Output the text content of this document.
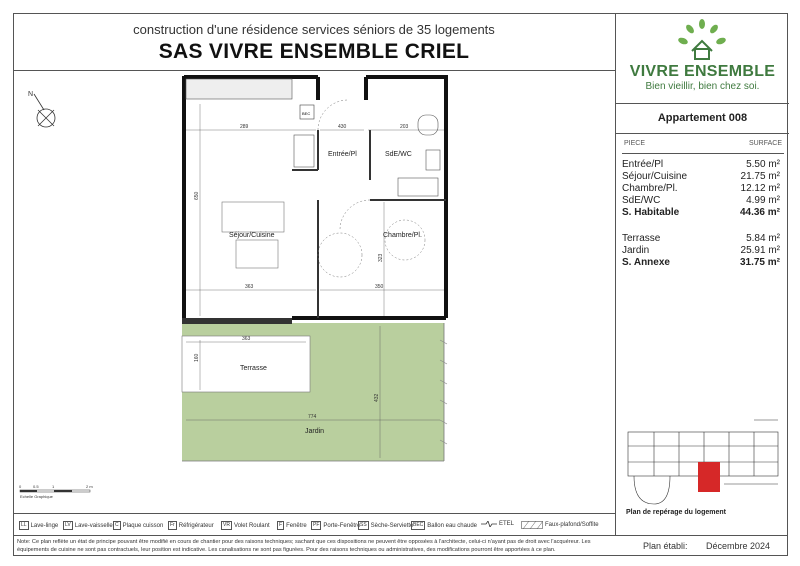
construction d'une résidence services séniors de 35 logements
SAS VIVRE ENSEMBLE CRIEL
BEC
289	430	203
650
363	350
323
363
160
774
432
Entrée/Pl	SdE/WC
Séjour/Cuisine	Chambre/Pl.
Terrasse
Jardin
N
0	0.5	1	2 m
Echelle Graphique
VIVRE ENSEMBLE
Bien vieillir, bien chez soi.
Appartement 008
PIECE	SURFACE
Entrée/Pl	5.50 m²
Séjour/Cuisine	21.75 m²
Chambre/Pl.	12.12 m²
SdE/WC	4.99 m²
S. Habitable	44.36 m²
Terrasse	5.84 m²
Jardin	25.91 m²
S. Annexe	31.75 m²
Plan de repérage du logement
LL Lave-linge	LV Lave-vaisselle C Plaque cuisson	Fr Réfrigérateur	VR Volet Roulant	F Fenêtre	PF Porte-Fenêtre SS Sèche-Serviette BEC Ballon eau chaude	ETEL	Faux-plafond/Soffite
Note: Ce plan reflète un état de principe pouvant être modifié en cours de chantier pour des raisons techniques; sachant que ces dispositions ne peuvent être opposées à l'architecte, celui-ci n'ayant pas de droit avec l'acquéreur. Les équipements de cuisine ne sont pas contractuels, leur position est indicative. Les canalisations ne sont pas figurées. Pour des raisons techniques ou administratives, des modifications pourront être apportées à ce plan.	Plan établi: Décembre 2024
